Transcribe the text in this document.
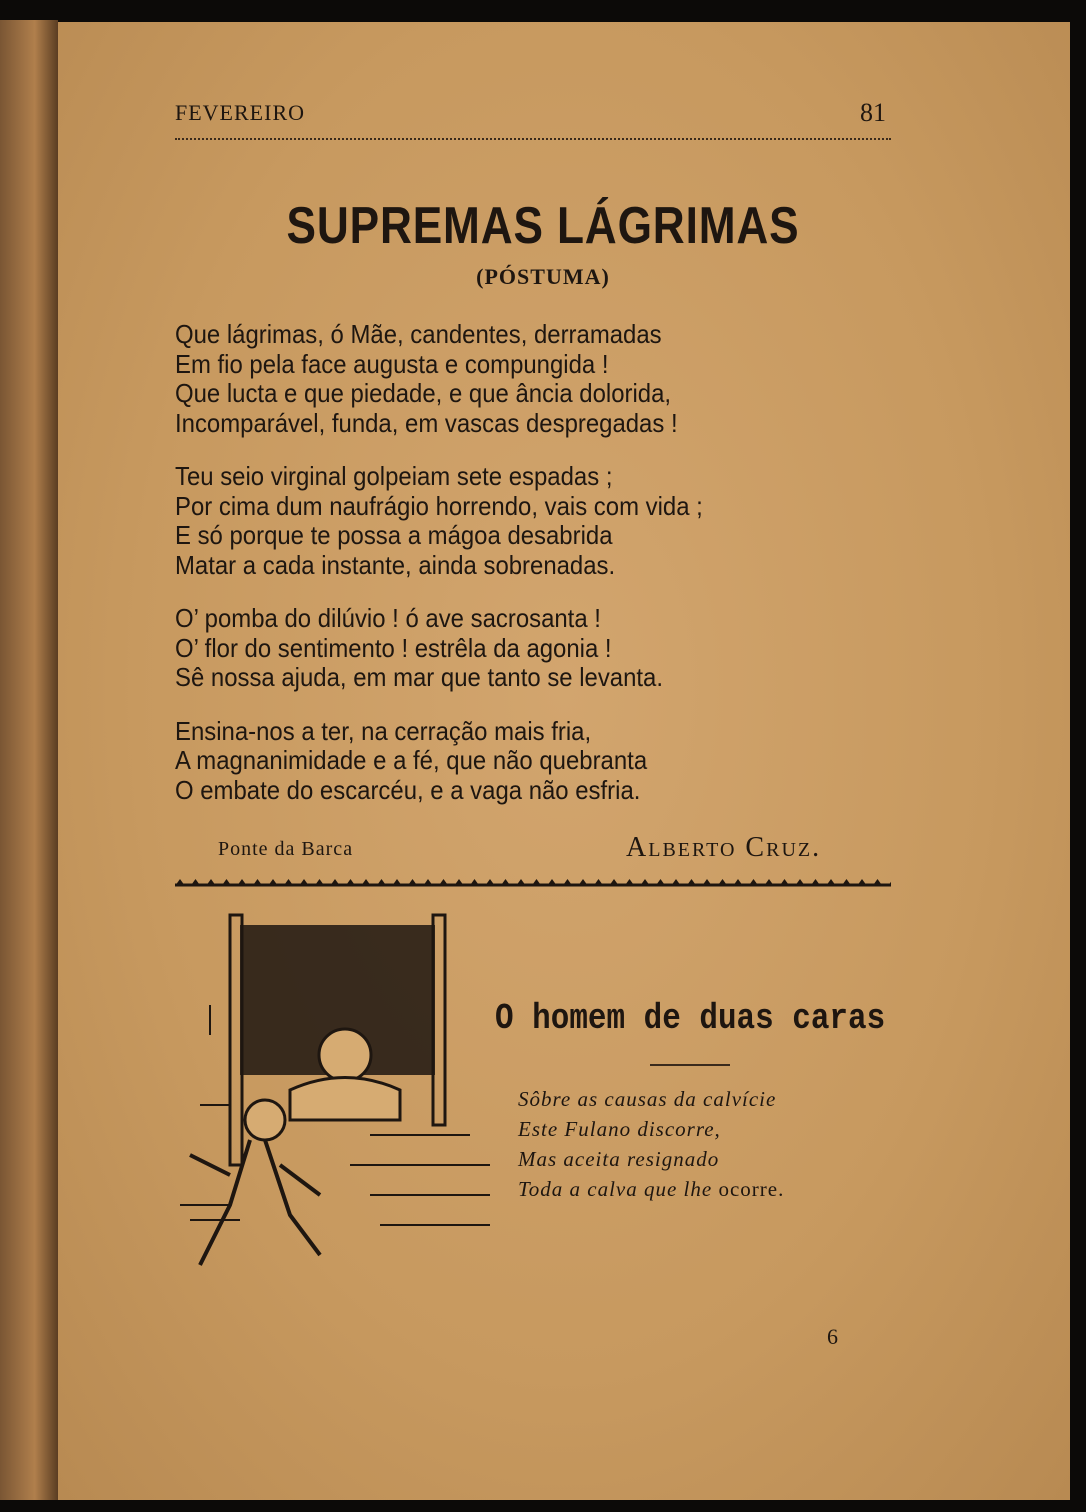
FEVEREIRO	81
SUPREMAS LÁGRIMAS
(PÓSTUMA)
Que lágrimas, ó Mãe, candentes, derramadas
Em fio pela face augusta e compungida !
Que lucta e que piedade, e que ância dolorida,
Incomparável, funda, em vascas despregadas !
Teu seio virginal golpeiam sete espadas ;
Por cima dum naufrágio horrendo, vais com vida ;
E só porque te possa a mágoa desabrida
Matar a cada instante, ainda sobrenadas.
O’ pomba do dilúvio ! ó ave sacrosanta !
O’ flor do sentimento ! estrêla da agonia !
Sê nossa ajuda, em mar que tanto se levanta.
Ensina-nos a ter, na cerração mais fria,
A magnanimidade e a fé, que não quebranta
O embate do escarcéu, e a vaga não esfria.
Ponte da Barca	Alberto Cruz.
O homem de duas caras
Sôbre as causas da calvície
Este Fulano discorre,
Mas aceita resignado
Toda a calva que lhe ocorre.
6
